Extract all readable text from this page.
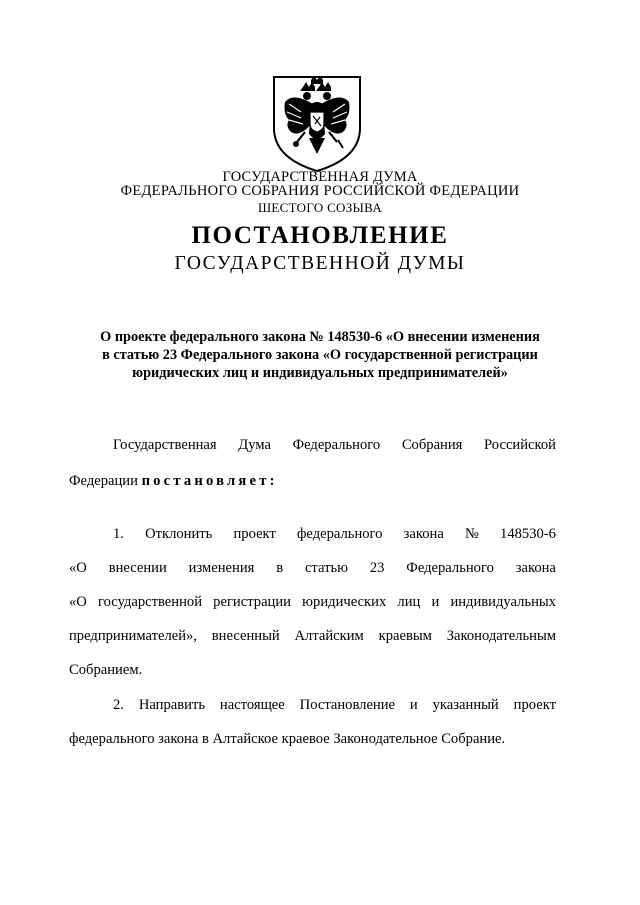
ГОСУДАРСТВЕННАЯ ДУМА
ФЕДЕРАЛЬНОГО СОБРАНИЯ РОССИЙСКОЙ ФЕДЕРАЦИИ
ШЕСТОГО СОЗЫВА
ПОСТАНОВЛЕНИЕ
ГОСУДАРСТВЕННОЙ ДУМЫ
О проекте федерального закона № 148530-6 «О внесении изменения
в статью 23 Федерального закона «О государственной регистрации
юридических лиц и индивидуальных предпринимателей»
Государственная Дума Федерального Собрания Российской
Федерации постановляет:
1. Отклонить проект федерального закона № 148530-6
«О внесении изменения в статью 23 Федерального закона
«О государственной регистрации юридических лиц и индивидуальных
предпринимателей», внесенный Алтайским краевым Законодательным
Собранием.
2. Направить настоящее Постановление и указанный проект
федерального закона в Алтайское краевое Законодательное Собрание.
